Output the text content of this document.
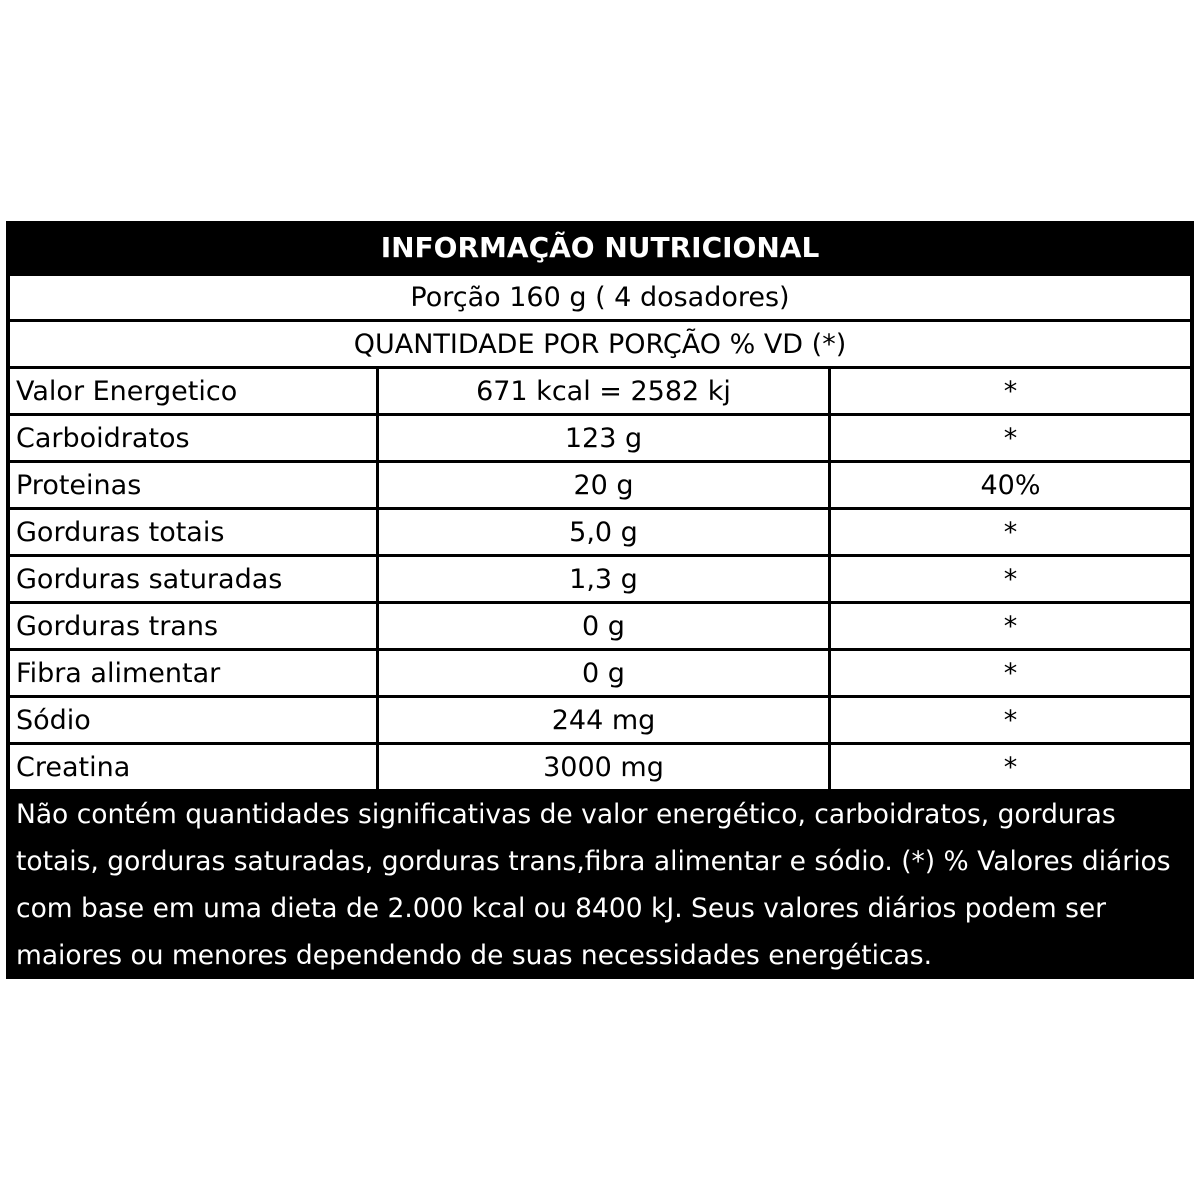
INFORMAÇÃO NUTRICIONAL
Porção 160 g ( 4 dosadores)
QUANTIDADE POR PORÇÃO % VD (*)
Valor Energetico	671 kcal = 2582 kj	*
Carboidratos	123 g	*
Proteinas	20 g	40%
Gorduras totais	5,0 g	*
Gorduras saturadas	1,3 g	*
Gorduras trans	0 g	*
Fibra alimentar	0 g	*
Sódio	244 mg	*
Creatina	3000 mg	*
Não contém quantidades significativas de valor energético, carboidratos, gorduras totais, gorduras saturadas, gorduras trans,fibra alimentar e sódio. (*) % Valores diários com base em uma dieta de 2.000 kcal ou 8400 kJ. Seus valores diários podem ser maiores ou menores dependendo de suas necessidades energéticas.
